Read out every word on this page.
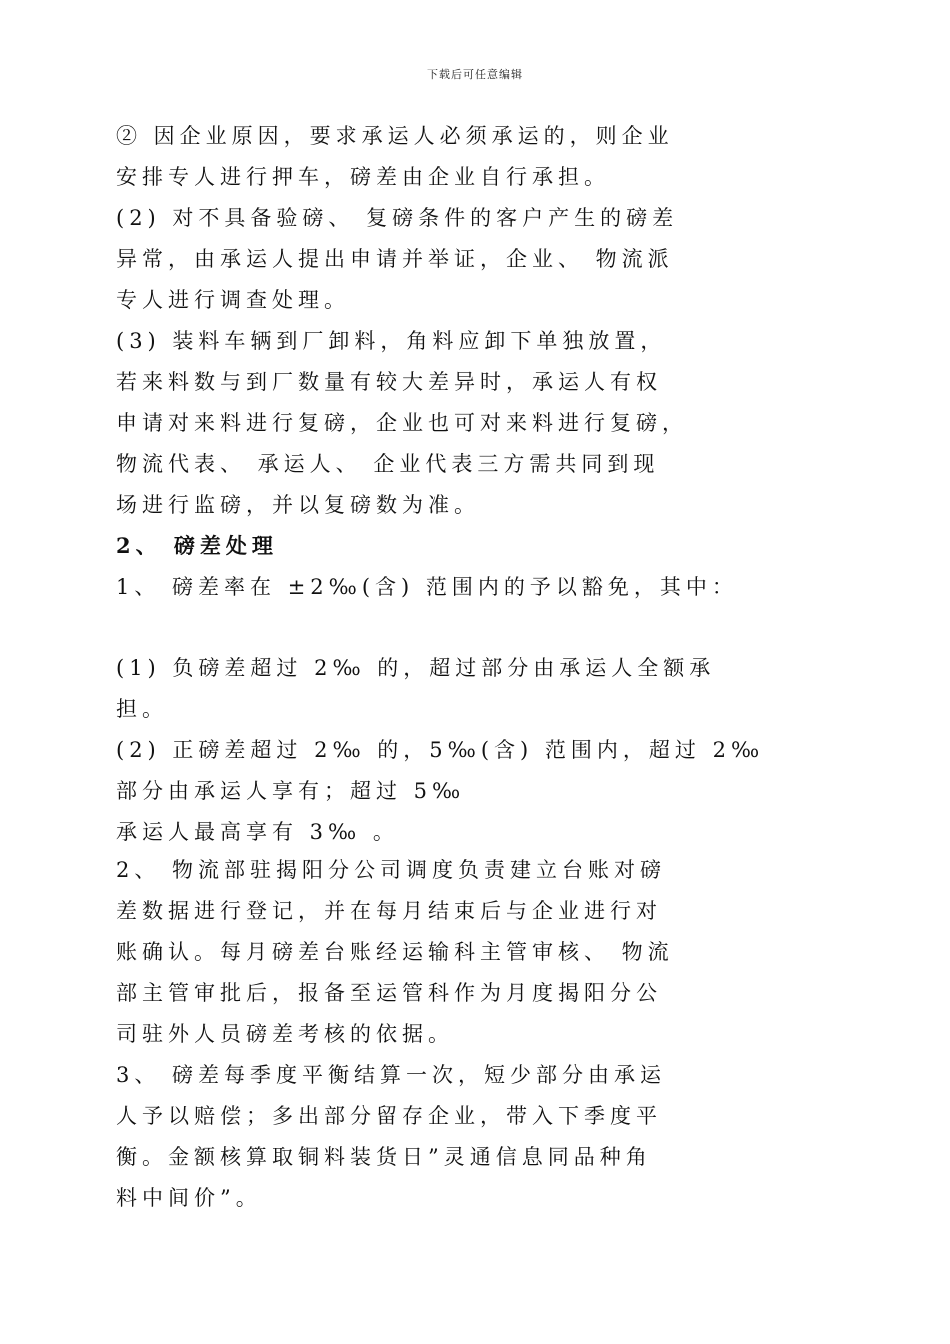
下载后可任意编辑
② 因企业原因，要求承运人必须承运的，则企业
安排专人进行押车，磅差由企业自行承担。
(2) 对不具备验磅、 复磅条件的客户产生的磅差
异常，由承运人提出申请并举证，企业、 物流派
专人进行调查处理。
(3) 装料车辆到厂卸料，角料应卸下单独放置，
若来料数与到厂数量有较大差异时，承运人有权
申请对来料进行复磅，企业也可对来料进行复磅，
物流代表、 承运人、 企业代表三方需共同到现
场进行监磅，并以复磅数为准。
2、 磅差处理
1、 磅差率在 ±2‰(含) 范围内的予以豁免，其中：
(1) 负磅差超过 2‰ 的，超过部分由承运人全额承
担。
(2) 正磅差超过 2‰ 的，5‰(含) 范围内，超过 2‰
部分由承运人享有；超过 5‰
承运人最高享有 3‰ 。
2、 物流部驻揭阳分公司调度负责建立台账对磅
差数据进行登记，并在每月结束后与企业进行对
账确认。每月磅差台账经运输科主管审核、 物流
部主管审批后，报备至运管科作为月度揭阳分公
司驻外人员磅差考核的依据。
3、 磅差每季度平衡结算一次，短少部分由承运
人予以赔偿；多出部分留存企业，带入下季度平
衡。金额核算取铜料装货日”灵通信息同品种角
料中间价”。
